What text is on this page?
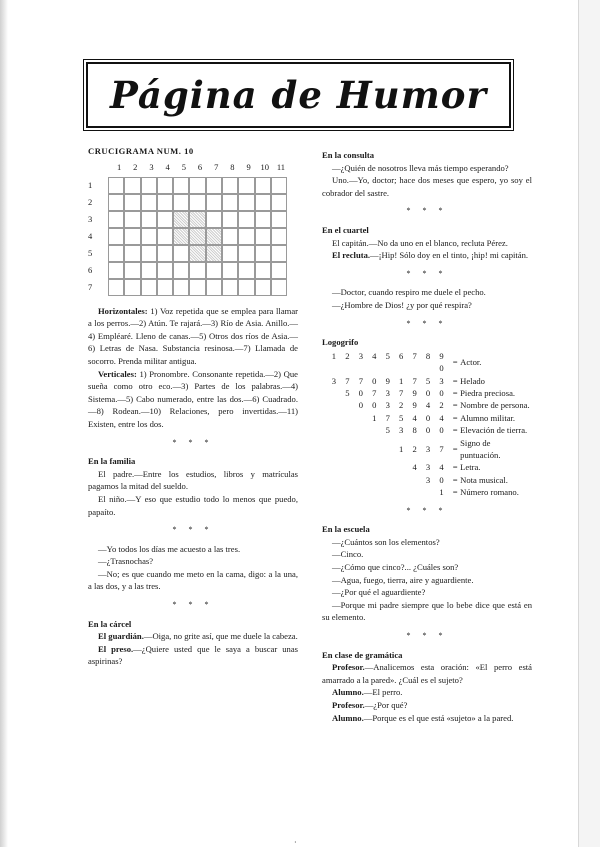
Página de Humor
CRUCIGRAMA NUM. 10
1	2	3	4	5	6	7	8	9	10 11
1
2
3
4
5
6
7

Horizontales: 1) Voz repetida que se emplea para llamar a los perros.—2) Atún. Te rajará.—3) Río de Asia. Anillo.—4) Empléaré. Lleno de canas.—5) Otros dos ríos de Asia.—6) Letras de Nasa. Substancia resinosa.—7) Llamada de socorro. Prenda militar antigua.

Verticales: 1) Pronombre. Consonante repetida.—2) Que sueña como otro eco.—3) Partes de los palabras.—4) Sistema.—5) Cabo numerado, entre las dos.—6) Cuadrado.—8) Rodean.—10) Relaciones, pero invertidas.—11) Existen, entre los dos.

* * *
En la familia

El padre.—Entre los estudios, libros y matrículas pagamos la mitad del sueldo.

El niño.—Y eso que estudio todo lo menos que puedo, papaíto.

* * *

—Yo todos los días me acuesto a las tres.

—¿Trasnochas?

—No; es que cuando me meto en la cama, digo: a la una, a las dos, y a las tres.

* * *
En la cárcel

El guardián.—Oiga, no grite así, que me duele la cabeza.

El preso.—¿Quiere usted que le saya a buscar unas aspirinas?

En la consulta

—¿Quién de nosotros lleva más tiempo esperando?

Uno.—Yo, doctor; hace dos meses que espero, yo soy el cobrador del sastre.

* * *
En el cuartel

El capitán.—No da uno en el blanco, recluta Pérez.

El recluta.—¡Hip! Sólo doy en el tinto, ¡hip! mi capitán.

* * *

—Doctor, cuando respiro me duele el pecho.

—¿Hombre de Dios! ¿y por qué respira?

* * *
Logogrifo
1 2 3 4 5 6 7 8 9 0	=	Actor.
3 7 7 0 9 1 7 5 3	=	Helado
5 0 7 3 7 9 0 0	=	Piedra preciosa.
0 0 3 2 9 4 2	=	Nombre de persona.
1 7 5 4 0 4	=	Alumno militar.
5 3 8 0 0	=	Elevación de tierra.
1 2 3 7	=	Signo de puntuación.
4 3 4	=	Letra.
3 0	=	Nota musical.
1	=	Número romano.
* * *
En la escuela

—¿Cuántos son los elementos?

—Cinco.

—¿Cómo que cinco?... ¿Cuáles son?

—Agua, fuego, tierra, aire y aguardiente.

—¿Por qué el aguardiente?

—Porque mi padre siempre que lo bebe dice que está en su elemento.

* * *
En clase de gramática

Profesor.—Analicemos esta oración: «El perro está amarrado a la pared». ¿Cuál es el sujeto?

Alumno.—El perro.

Profesor.—¿Por qué?

Alumno.—Porque es el que está «sujeto» a la pared.

·
